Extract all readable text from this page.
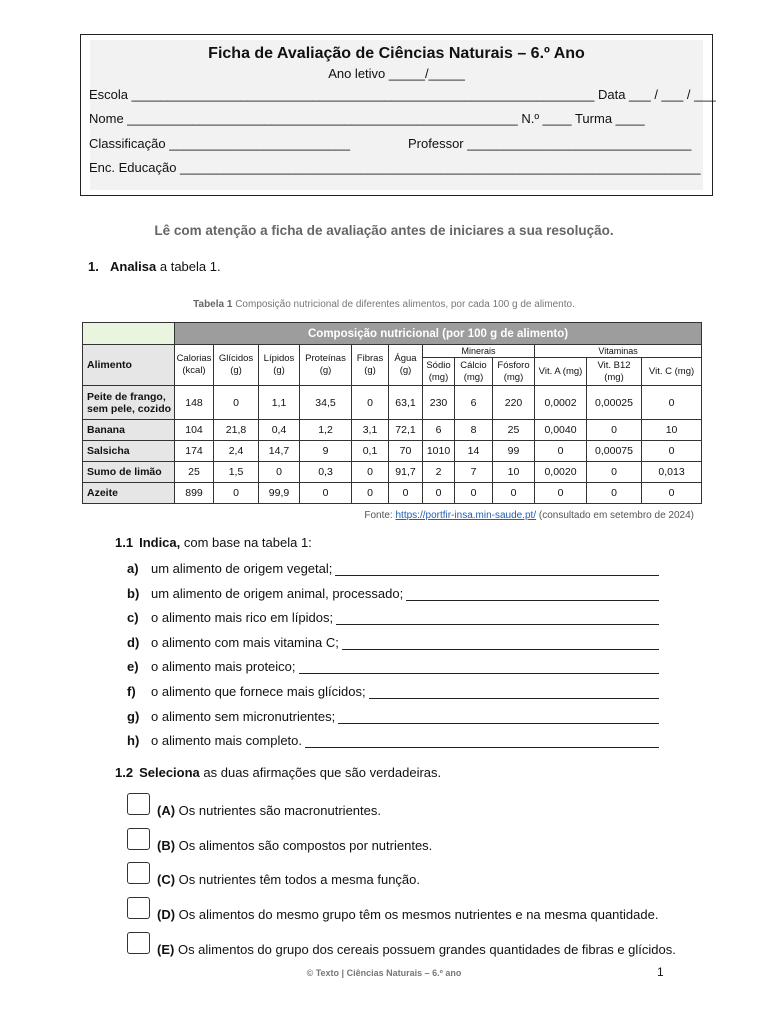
Ficha de Avaliação de Ciências Naturais – 6.º Ano
Ano letivo _____/_____
Escola ________________________________________________________________ Data ___ / ___ / ___
Nome ______________________________________________________ N.º ____ Turma ____
Classificação _________________________	Professor _______________________________
Enc. Educação ________________________________________________________________________
Lê com atenção a ficha de avaliação antes de iniciares a sua resolução.
1. Analisa a tabela 1.
Tabela 1 Composição nutricional de diferentes alimentos, por cada 100 g de alimento.
	Composição nutricional (por 100 g de alimento)											
Alimento	Calorias (kcal)	Glícidos (g)	Lípidos (g)	Proteínas (g)	Fibras (g)	Água (g)	Minerais			Vitaminas		
							Sódio (mg)	Cálcio (mg)	Fósforo (mg)	Vit. A (mg)	Vit. B12 (mg)	Vit. C (mg)
Peite de frango, sem pele, cozido	148	0	1,1	34,5	0	63,1	230	6	220	0,0002	0,00025	0
Banana	104	21,8	0,4	1,2	3,1	72,1	6	8	25	0,0040	0	10
Salsicha	174	2,4	14,7	9	0,1	70	1010	14	99	0	0,00075	0
Sumo de limão	25	1,5	0	0,3	0	91,7	2	7	10	0,0020	0	0,013
Azeite	899	0	99,9	0	0	0	0	0	0	0	0	0
Fonte: https://portfir-insa.min-saude.pt/ (consultado em setembro de 2024)
1.1 Indica, com base na tabela 1:
a) um alimento de origem vegetal;
b) um alimento de origem animal, processado;
c) o alimento mais rico em lípidos;
d) o alimento com mais vitamina C;
e) o alimento mais proteico;
f)	o alimento que fornece mais glícidos;
g) o alimento sem micronutrientes;
h) o alimento mais completo.
1.2 Seleciona as duas afirmações que são verdadeiras.
(A) Os nutrientes são macronutrientes.
(B) Os alimentos são compostos por nutrientes.
(C) Os nutrientes têm todos a mesma função.
(D) Os alimentos do mesmo grupo têm os mesmos nutrientes e na mesma quantidade.
(E) Os alimentos do grupo dos cereais possuem grandes quantidades de fibras e glícidos.
© Texto | Ciências Naturais – 6.º ano	1
